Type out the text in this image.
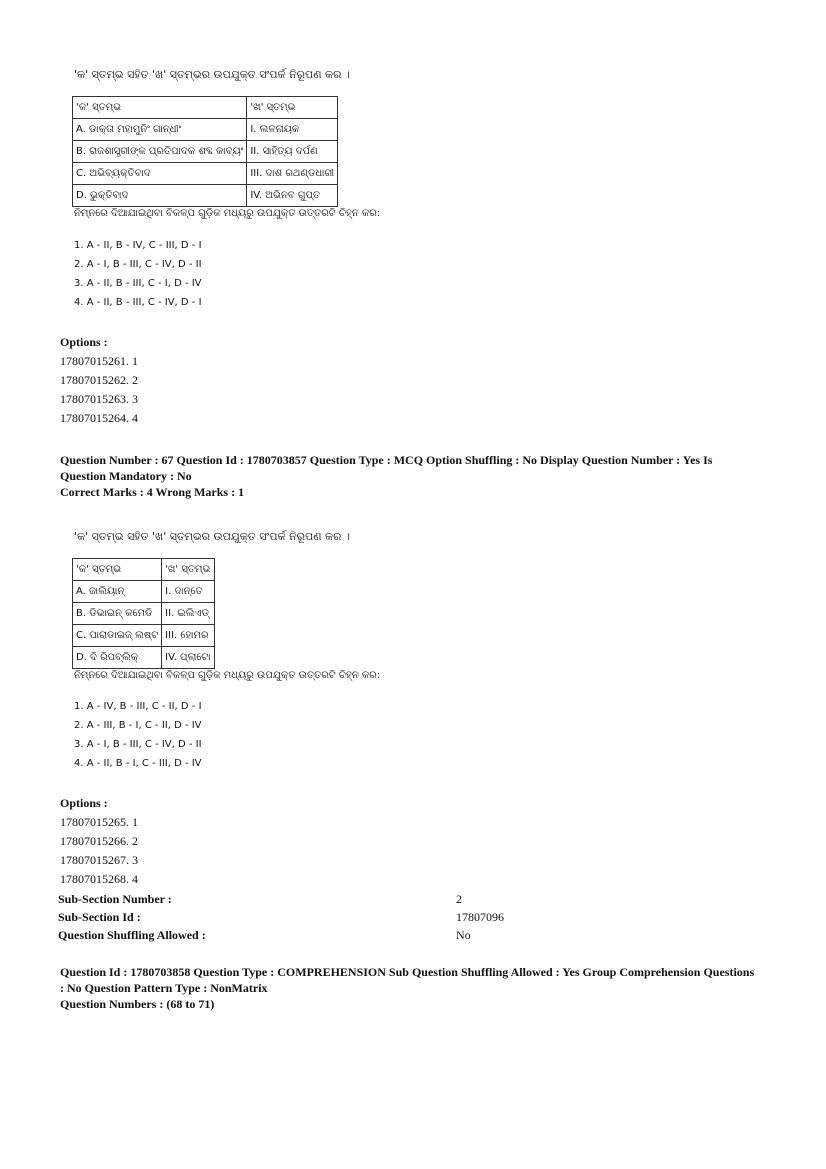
'କ' ସ୍ତମ୍ଭ ସହିତ 'ଖ' ସ୍ତମ୍ଭର ଉପଯୁକ୍ତ ସଂପର୍କ ନିରୂପଣ କର ।
'କ' ସ୍ତମ୍ଭ	'ଖ' ସ୍ତମ୍ଭ
A. ଡାକ୍ତା ମହାମୁନିଂ ଗାନ୍ଧୀଂ	I. ଲଳନାୟକ
B. ରାଜଶାସ୍ତ୍ରୀଙ୍କ ପ୍ରତିପାଦକ ଶବ୍ଦ କାବ୍ୟଂ	II. ସାହିତ୍ୟ ଦର୍ପଣ
C. ଅଭିବ୍ୟକ୍ତିବାଦ	III. ଦାଶ ରଥଣ୍ଡଧାରୀ
D. ଭୁକ୍ତିବାଦ	IV. ଅଭିନବ ଗୁପ୍ତ
ନିମ୍ନରେ ଦିଆଯାଇଥିବା ବିକଳ୍ପ ଗୁଡ଼ିକ ମଧ୍ୟରୁ ଉପଯୁକ୍ତ ଉତ୍ତରଟି ଚିହ୍ନ କର:
1. A - II, B - IV, C - III, D - I
2. A - I, B - III, C - IV, D - II
3. A - II, B - III, C - I, D - IV
4. A - II, B - III, C - IV, D - I
Options :
17807015261. 1
17807015262. 2
17807015263. 3
17807015264. 4
Question Number : 67 Question Id : 1780703857 Question Type : MCQ Option Shuffling : No Display Question Number : Yes Is Question Mandatory : No
Correct Marks : 4 Wrong Marks : 1
'କ' ସ୍ତମ୍ଭ ସହିତ 'ଖ' ସ୍ତମ୍ଭର ଉପଯୁକ୍ତ ସଂପର୍କ ନିରୂପଣ କର ।
'କ' ସ୍ତମ୍ଭ	'ଖ' ସ୍ତମ୍ଭ
A. ଜାଲିୟାନ୍	I. ଦାନ୍ତେ
B. ଡିଭାଇନ୍ କମେଡି	II. ଇଲିଏଡ୍
C. ପାରାଡାଇଜ୍ ଲଷ୍ଟ	III. ହୋମର
D. ଦି ରିପବ୍ଲିକ୍	IV. ପ୍ଲାଟୋ
ନିମ୍ନରେ ଦିଆଯାଇଥିବା ବିକଳ୍ପ ଗୁଡ଼ିକ ମଧ୍ୟରୁ ଉପଯୁକ୍ତ ଉତ୍ତରଟି ଚିହ୍ନ କର:
1. A - IV, B - III, C - II, D - I
2. A - III, B - I, C - II, D - IV
3. A - I, B - III, C - IV, D - II
4. A - II, B - I, C - III, D - IV
Options :
17807015265. 1
17807015266. 2
17807015267. 3
17807015268. 4
Sub-Section Number :	2
Sub-Section Id :	17807096
Question Shuffling Allowed :	No
Question Id : 1780703858 Question Type : COMPREHENSION Sub Question Shuffling Allowed : Yes Group Comprehension Questions : No Question Pattern Type : NonMatrix
Question Numbers : (68 to 71)
